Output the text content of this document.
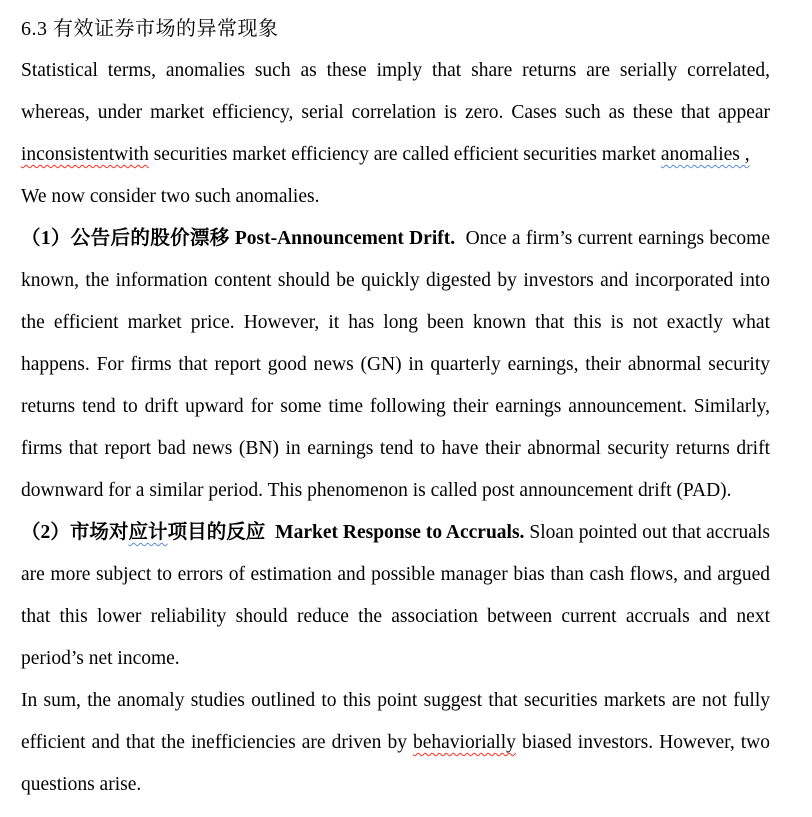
6.3 有效证券市场的异常现象

Statistical terms, anomalies such as these imply that share returns are serially correlated, whereas, under market efficiency, serial correlation is zero. Cases such as these that appear inconsistentwith securities market efficiency are called efficient securities market anomalies ,

We now consider two such anomalies.

（1）公告后的股价漂移 Post-Announcement Drift.  Once a firm’s current earnings become known, the information content should be quickly digested by investors and incorporated into the efficient market price. However, it has long been known that this is not exactly what happens. For firms that report good news (GN) in quarterly earnings, their abnormal security returns tend to drift upward for some time following their earnings announcement. Similarly, firms that report bad news (BN) in earnings tend to have their abnormal security returns drift downward for a similar period. This phenomenon is called post announcement drift (PAD).

（2）市场对应计项目的反应  Market Response to Accruals. Sloan pointed out that accruals are more subject to errors of estimation and possible manager bias than cash flows, and argued that this lower reliability should reduce the association between current accruals and next period’s net income.

In sum, the anomaly studies outlined to this point suggest that securities markets are not fully efficient and that the inefficiencies are driven by behaviorially biased investors. However, two questions arise.
